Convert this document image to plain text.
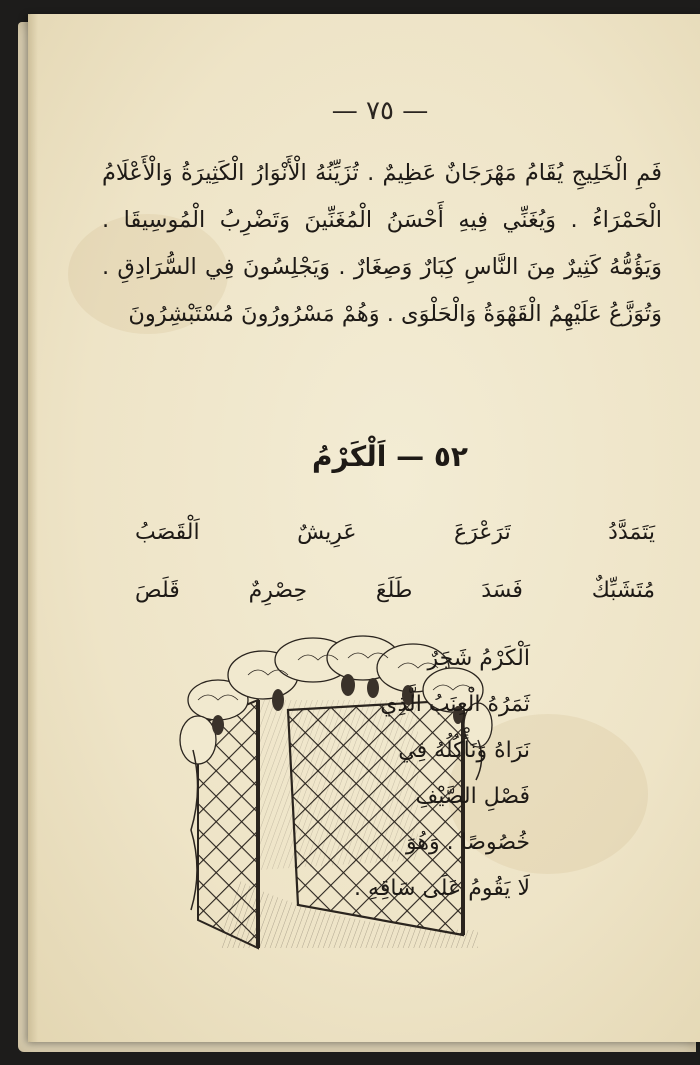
— ٧٥ —
فَمِ الْخَلِيجِ يُقَامُ مَهْرَجَانٌ عَظِيمٌ . تُزَيِّنُهُ الْأَنْوَارُ الْكَثِيرَةُ وَالْأَعْلَامُ الْحَمْرَاءُ . وَيُغَنِّي فِيهِ أَحْسَنُ الْمُغَنِّينَ وَتَضْرِبُ الْمُوسِيقَا . وَيَؤُمُّهُ كَثِيرٌ مِنَ النَّاسِ كِبَارٌ وَصِغَارٌ . وَيَجْلِسُونَ فِي السُّرَادِقِ . وَتُوَزَّعُ عَلَيْهِمُ الْقَهْوَةُ وَالْحَلْوَى . وَهُمْ مَسْرُورُونَ مُسْتَبْشِرُونَ
٥٢ — اَلْكَرْمُ
اَلْقَصَبُ	عَرِيشٌ	تَرَعْرَعَ	يَتَمَدَّدُ
قَلَصَ	حِصْرِمٌ	طَلَعَ	فَسَدَ	مُتَشَبِّكٌ
اَلْكَرْمُ شَجَرٌ
ثَمَرُهُ الْعِنَبُ الَّذِي
نَرَاهُ وَنَأْكُلُهُ فِي
فَصْلِ الصَّيْفِ
خُصُوصًا . وَهُوَ
لَا يَقُومُ عَلَى سَاقِهِ .
